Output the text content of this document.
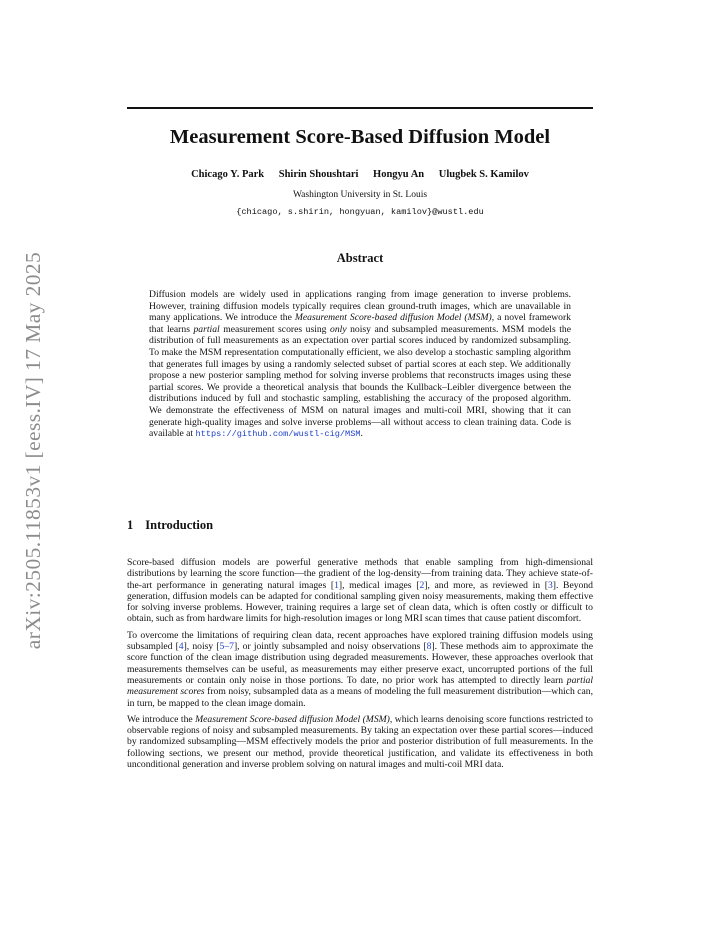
arXiv:2505.11853v1 [eess.IV] 17 May 2025
Measurement Score-Based Diffusion Model
Chicago Y. Park Shirin Shoushtari Hongyu An Ulugbek S. Kamilov
Washington University in St. Louis
{chicago, s.shirin, hongyuan, kamilov}@wustl.edu
Abstract

Diffusion models are widely used in applications ranging from image generation to inverse problems. However, training diffusion models typically requires clean ground-truth images, which are unavailable in many applications. We introduce the Measurement Score-based diffusion Model (MSM), a novel framework that learns partial measurement scores using only noisy and subsampled measurements. MSM models the distribution of full measurements as an expectation over partial scores induced by randomized subsampling. To make the MSM representation computationally efficient, we also develop a stochastic sampling algorithm that generates full images by using a randomly selected subset of partial scores at each step. We additionally propose a new posterior sampling method for solving inverse problems that reconstructs images using these partial scores. We provide a theoretical analysis that bounds the Kullback–Leibler divergence between the distributions induced by full and stochastic sampling, establishing the accuracy of the proposed algorithm. We demonstrate the effectiveness of MSM on natural images and multi-coil MRI, showing that it can generate high-quality images and solve inverse problems—all without access to clean training data. Code is available at https://github.com/wustl-cig/MSM.

1 Introduction

Score-based diffusion models are powerful generative methods that enable sampling from high-dimensional distributions by learning the score function—the gradient of the log-density—from training data. They achieve state-of-the-art performance in generating natural images [1], medical images [2], and more, as reviewed in [3]. Beyond generation, diffusion models can be adapted for conditional sampling given noisy measurements, making them effective for solving inverse problems. However, training requires a large set of clean data, which is often costly or difficult to obtain, such as from hardware limits for high-resolution images or long MRI scan times that cause patient discomfort.

To overcome the limitations of requiring clean data, recent approaches have explored training diffusion models using subsampled [4], noisy [5–7], or jointly subsampled and noisy observations [8]. These methods aim to approximate the score function of the clean image distribution using degraded measurements. However, these approaches overlook that measurements themselves can be useful, as measurements may either preserve exact, uncorrupted portions of the full measurements or contain only noise in those portions. To date, no prior work has attempted to directly learn partial measurement scores from noisy, subsampled data as a means of modeling the full measurement distribution—which can, in turn, be mapped to the clean image domain.

We introduce the Measurement Score-based diffusion Model (MSM), which learns denoising score functions restricted to observable regions of noisy and subsampled measurements. By taking an expectation over these partial scores—induced by randomized subsampling—MSM effectively models the prior and posterior distribution of full measurements. In the following sections, we present our method, provide theoretical justification, and validate its effectiveness in both unconditional generation and inverse problem solving on natural images and multi-coil MRI data.
